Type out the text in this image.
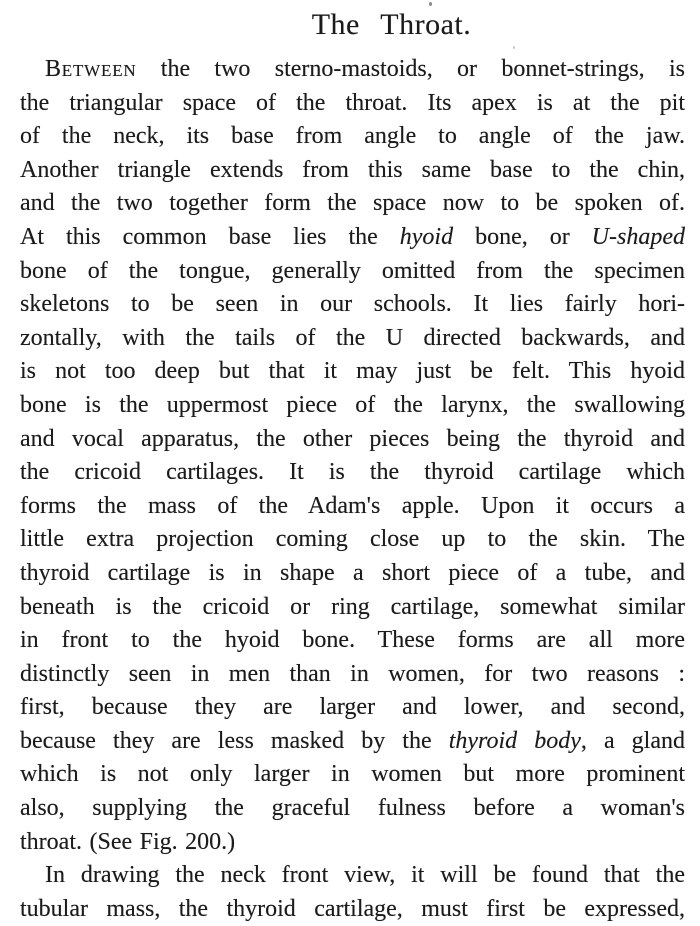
The Throat.
Between the two sterno-mastoids, or bonnet-strings, is
the triangular space of the throat. Its apex is at the pit
of the neck, its base from angle to angle of the jaw.
Another triangle extends from this same base to the chin,
and the two together form the space now to be spoken of.
At this common base lies the hyoid bone, or U-shaped
bone of the tongue, generally omitted from the specimen
skeletons to be seen in our schools. It lies fairly hori-
zontally, with the tails of the U directed backwards, and
is not too deep but that it may just be felt. This hyoid
bone is the uppermost piece of the larynx, the swallowing
and vocal apparatus, the other pieces being the thyroid and
the cricoid cartilages. It is the thyroid cartilage which
forms the mass of the Adam's apple. Upon it occurs a
little extra projection coming close up to the skin. The
thyroid cartilage is in shape a short piece of a tube, and
beneath is the cricoid or ring cartilage, somewhat similar
in front to the hyoid bone. These forms are all more
distinctly seen in men than in women, for two reasons :
first, because they are larger and lower, and second,
because they are less masked by the thyroid body, a gland
which is not only larger in women but more prominent
also, supplying the graceful fulness before a woman's
throat. (See Fig. 200.)
In drawing the neck front view, it will be found that the
tubular mass, the thyroid cartilage, must first be expressed,
